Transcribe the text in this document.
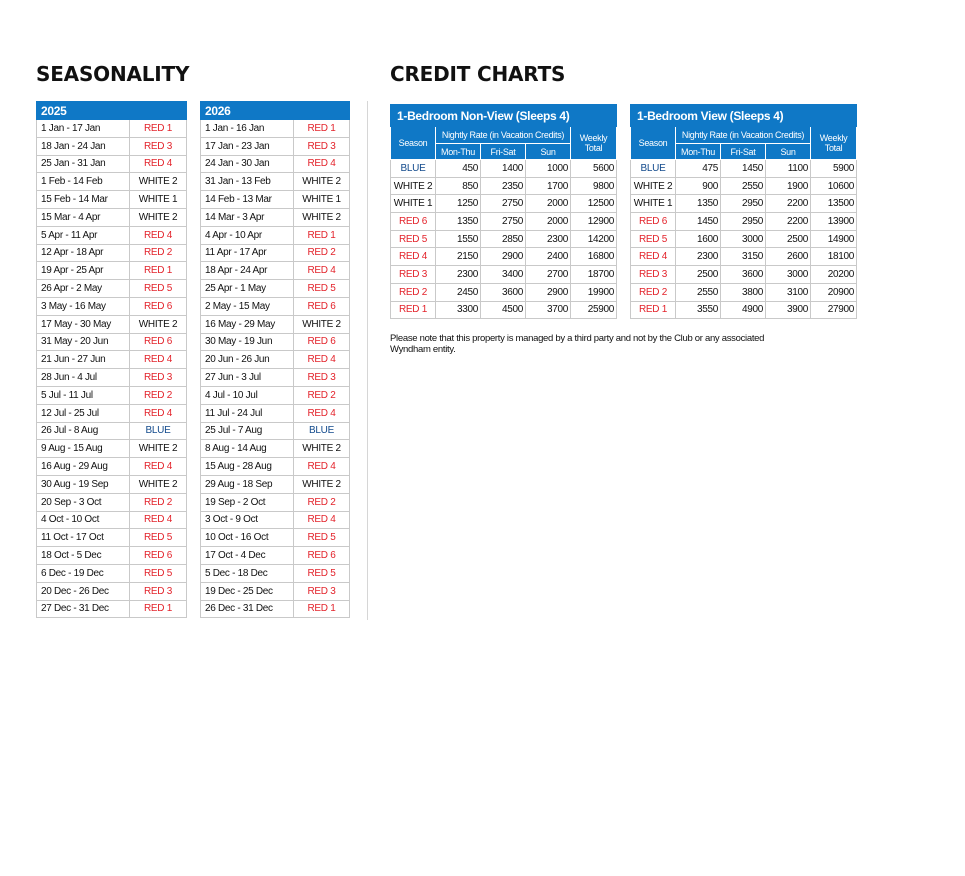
SEASONALITY	CREDIT CHARTS
2025	
1 Jan - 17 Jan	RED 1
18 Jan - 24 Jan	RED 3
25 Jan - 31 Jan	RED 4
1 Feb - 14 Feb	WHITE 2
15 Feb - 14 Mar	WHITE 1
15 Mar - 4 Apr	WHITE 2
5 Apr - 11 Apr	RED 4
12 Apr - 18 Apr	RED 2
19 Apr - 25 Apr	RED 1
26 Apr - 2 May	RED 5
3 May - 16 May	RED 6
17 May - 30 May	WHITE 2
31 May - 20 Jun	RED 6
21 Jun - 27 Jun	RED 4
28 Jun - 4 Jul	RED 3
5 Jul - 11 Jul	RED 2
12 Jul - 25 Jul	RED 4
26 Jul - 8 Aug	BLUE
9 Aug - 15 Aug	WHITE 2
16 Aug - 29 Aug	RED 4
30 Aug - 19 Sep	WHITE 2
20 Sep - 3 Oct	RED 2
4 Oct - 10 Oct	RED 4
11 Oct - 17 Oct	RED 5
18 Oct - 5 Dec	RED 6
6 Dec - 19 Dec	RED 5
20 Dec - 26 Dec	RED 3
27 Dec - 31 Dec	RED 1
2026	
1 Jan - 16 Jan	RED 1
17 Jan - 23 Jan	RED 3
24 Jan - 30 Jan	RED 4
31 Jan - 13 Feb	WHITE 2
14 Feb - 13 Mar	WHITE 1
14 Mar - 3 Apr	WHITE 2
4 Apr - 10 Apr	RED 1
11 Apr - 17 Apr	RED 2
18 Apr - 24 Apr	RED 4
25 Apr - 1 May	RED 5
2 May - 15 May	RED 6
16 May - 29 May	WHITE 2
30 May - 19 Jun	RED 6
20 Jun - 26 Jun	RED 4
27 Jun - 3 Jul	RED 3
4 Jul - 10 Jul	RED 2
11 Jul - 24 Jul	RED 4
25 Jul - 7 Aug	BLUE
8 Aug - 14 Aug	WHITE 2
15 Aug - 28 Aug	RED 4
29 Aug - 18 Sep	WHITE 2
19 Sep - 2 Oct	RED 2
3 Oct - 9 Oct	RED 4
10 Oct - 16 Oct	RED 5
17 Oct - 4 Dec	RED 6
5 Dec - 18 Dec	RED 5
19 Dec - 25 Dec	RED 3
26 Dec - 31 Dec	RED 1
1-Bedroom Non-View (Sleeps 4)				
Season	Nightly Rate (in Vacation Credits)			Weekly Total
	Mon-Thu	Fri-Sat	Sun	
BLUE	450	1400	1000	5600
WHITE 2	850	2350	1700	9800
WHITE 1	1250	2750	2000	12500
RED 6	1350	2750	2000	12900
RED 5	1550	2850	2300	14200
RED 4	2150	2900	2400	16800
RED 3	2300	3400	2700	18700
RED 2	2450	3600	2900	19900
RED 1	3300	4500	3700	25900
1-Bedroom View (Sleeps 4)				
Season	Nightly Rate (in Vacation Credits)			Weekly Total
	Mon-Thu	Fri-Sat	Sun	
BLUE	475	1450	1100	5900
WHITE 2	900	2550	1900	10600
WHITE 1	1350	2950	2200	13500
RED 6	1450	2950	2200	13900
RED 5	1600	3000	2500	14900
RED 4	2300	3150	2600	18100
RED 3	2500	3600	3000	20200
RED 2	2550	3800	3100	20900
RED 1	3550	4900	3900	27900

Please note that this property is managed by a third party and not by the Club or any associated Wyndham entity.
